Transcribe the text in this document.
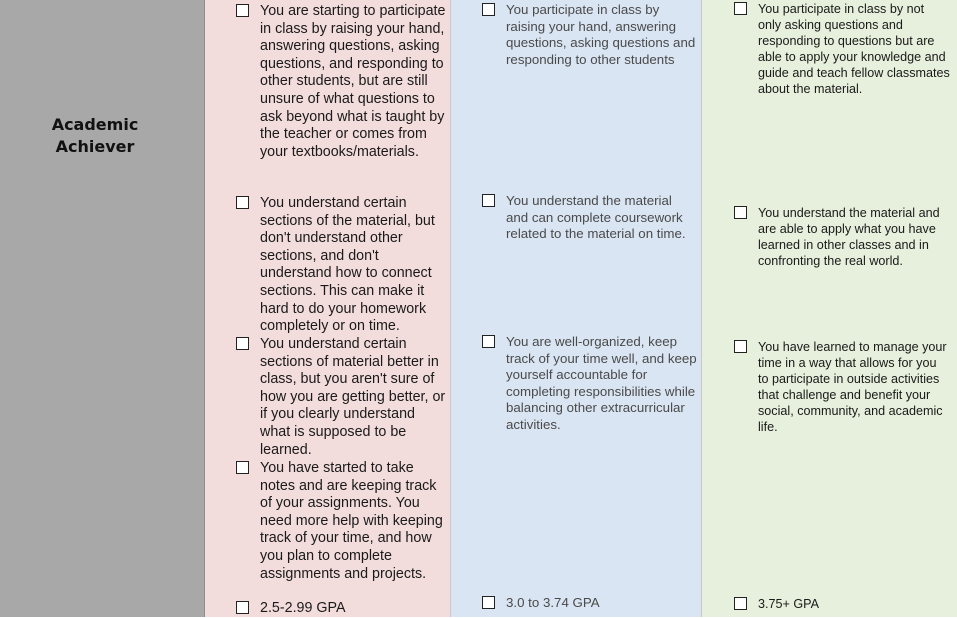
Academic
Achiever
You are starting to participate in class by raising your hand, answering questions, asking questions, and responding to other students, but are still unsure of what questions to ask beyond what is taught by the teacher or comes from your textbooks/materials.
You understand certain sections of the material, but don't understand other sections, and don't understand how to connect sections. This can make it hard to do your homework completely or on time.
You understand certain sections of material better in class, but you aren't sure of how you are getting better, or if you clearly understand what is supposed to be learned.
You have started to take notes and are keeping track of your assignments. You need more help with keeping track of your time, and how you plan to complete assignments and projects.
2.5-2.99 GPA
You participate in class by raising your hand, answering questions, asking questions and responding to other students
You understand the material and can complete coursework related to the material on time.
You are well-organized, keep track of your time well, and keep yourself accountable for completing responsibilities while balancing other extracurricular activities.
3.0 to 3.74 GPA
You participate in class by not only asking questions and responding to questions but are able to apply your knowledge and guide and teach fellow classmates about the material.
You understand the material and are able to apply what you have learned in other classes and in confronting the real world.
You have learned to manage your time in a way that allows for you to participate in outside activities that challenge and benefit your social, community, and academic life.
3.75+ GPA
